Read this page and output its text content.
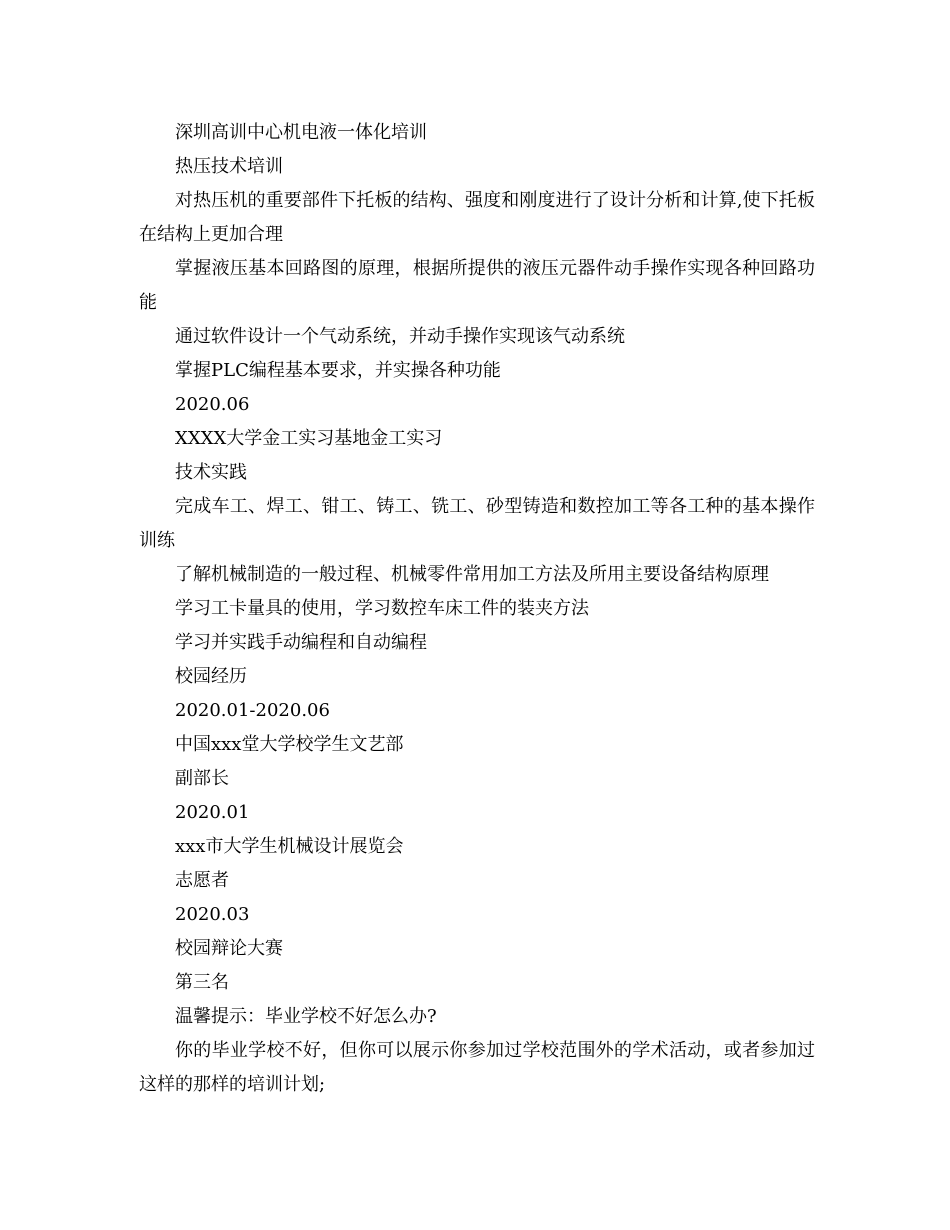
深圳高训中心机电液一体化培训

热压技术培训

对热压机的重要部件下托板的结构、强度和刚度进行了设计分析和计算,使下托板在结构上更加合理

掌握液压基本回路图的原理，根据所提供的液压元器件动手操作实现各种回路功能

通过软件设计一个气动系统，并动手操作实现该气动系统

掌握PLC编程基本要求，并实操各种功能

2020.06

XXXX大学金工实习基地金工实习

技术实践

完成车工、焊工、钳工、铸工、铣工、砂型铸造和数控加工等各工种的基本操作训练

了解机械制造的一般过程、机械零件常用加工方法及所用主要设备结构原理

学习工卡量具的使用，学习数控车床工件的装夹方法

学习并实践手动编程和自动编程

校园经历

2020.01-2020.06

中国xxx堂大学校学生文艺部

副部长

2020.01

xxx市大学生机械设计展览会

志愿者

2020.03

校园辩论大赛

第三名

温馨提示：毕业学校不好怎么办?

你的毕业学校不好，但你可以展示你参加过学校范围外的学术活动，或者参加过这样的那样的培训计划;
